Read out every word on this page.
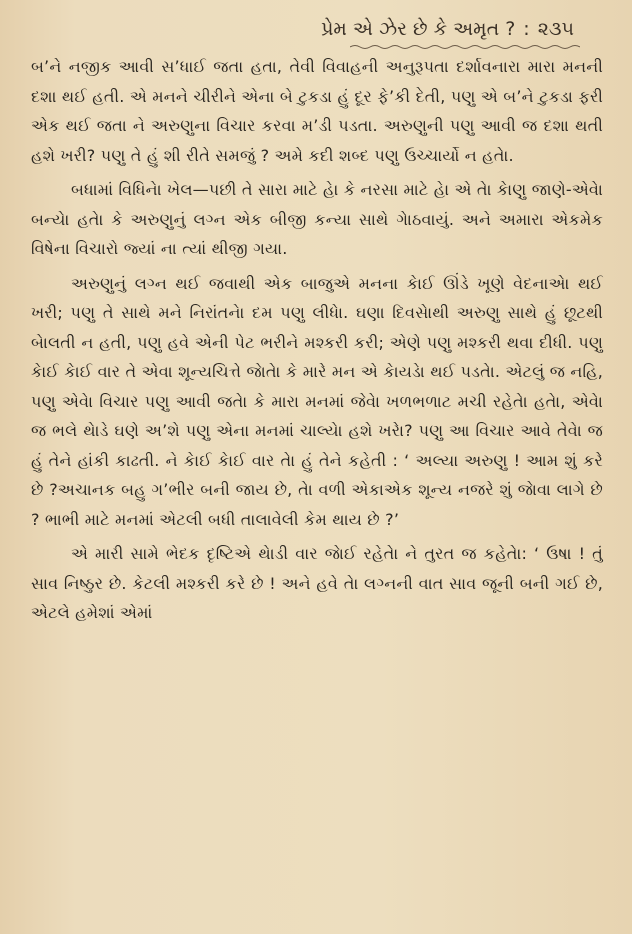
પ્રેમ એ ઝેર છે કે અમૃત ? : ૨૩૫

બ’ને નજીક આવી સ’ધાઈ જતા હતા, તેવી વિવાહની અનુરૂપતા દર્શાવનારા મારા મનની દશા થઈ હતી. એ મનને ચીરીને એના બે ટુકડા હું દૂર ફે’કી દેતી, પણુ એ બ’ને ટુકડા ફરી એક થઈ જતા ને અરુણુના વિચાર કરવા મ’ડી પડતા. અરુણુની પણુ આવી જ દશા થતી હશે ખરી? પણુ તે હું શી રીતે સમજું ? અમે કદી શબ્દ પણુ ઉચ્ચાર્યો ન હતેા.

બધામાં વિધિનેા ખેલ—પછી તે સારા માટે હેા કે નરસા માટે હેા એ તેા કેાણુ જાણે-એવેા બન્યેા હતેા કે અરુણુનું લગ્ન એક બીજી કન્યા સાથે ગેાઠવાયું. અને અમારા એકમેક વિષેના વિચારો જ્યાં ના ત્યાં થીજી ગયા.

અરુણુનું લગ્ન થઈ જવાથી એક બાજુએ મનના કેાઈ ઊંડે ખૂણે વેદનાએા થઈ ખરી; પણુ તે સાથે મને નિરાંતનેા દમ પણુ લીધેા. ઘણા દિવસેાથી અરુણુ સાથે હું છૂટથી બેાલતી ન હતી, પણુ હવે એની પેટ ભરીને મશ્કરી કરી; એણે પણુ મશ્કરી થવા દીધી. પણુ કેાઈ કેાઈ વાર તે એવા શૂન્યચિત્તે જેાતેા કે મારે મન એ કેાયડેા થઈ પડતેા. એટલું જ નહિ, પણુ એવેા વિચાર પણુ આવી જતેા કે મારા મનમાં જેવેા ખળભળાટ મચી રહેતેા હતેા, એવેા જ ભલે થેાડે ઘણે અ’શે પણુ એના મનમાં ચાલ્યેા હશે ખરેા? પણુ આ વિચાર આવે તેવેા જ હું તેને હાંકી કાઢતી. ને કેાઈ કેાઈ વાર તેા હું તેને કહેતી : ‘ અલ્યા અરુણુ ! આમ શું કરે છે ?અચાનક બહુ ગ’ભીર બની જાય છે, તેા વળી એકાએક શૂન્ય નજરે શું જેાવા લાગે છે ? ભાભી માટે મનમાં એટલી બધી તાલાવેલી કેમ થાય છે ?’

એ મારી સામે ભેદક દૃષ્ટિએ થેાડી વાર જેાઈ રહેતેા ને તુરત જ કહેતેા: ‘ ઉષા ! તું સાવ નિષ્ઠુર છે. કેટલી મશ્કરી કરે છે ! અને હવે તેા લગ્નની વાત સાવ જૂની બની ગઈ છે, એટલે હમેશાં એમાં
